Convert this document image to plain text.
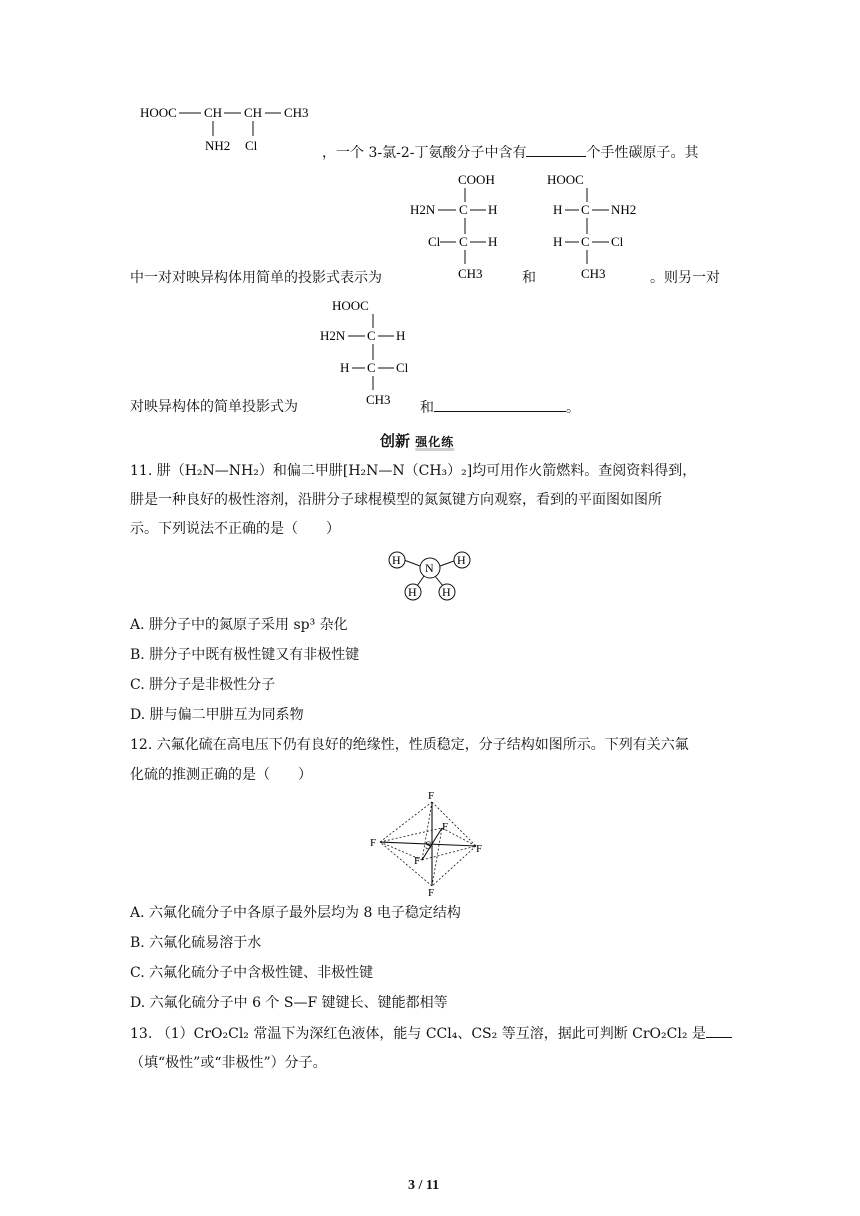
HOOC CH CH CH3
NH2 Cl	，一个 3-氯-2-丁氨酸分子中含有	个手性碳原子。其
COOH
H2N C H
Cl C H
CH3
HOOC
H C NH2
H C Cl
CH3
中一对对映异构体用简单的投影式表示为	和	。则另一对
HOOC
H2N C H
H C Cl
CH3
对映异构体的简单投影式为	和	。
创新 强化练
11. 肼（H₂N—NH₂）和偏二甲肼[H₂N—N（CH₃）₂]均可用作火箭燃料。查阅资料得到，
肼是一种良好的极性溶剂，沿肼分子球棍模型的氮氮键方向观察，看到的平面图如图所
示。下列说法不正确的是（　　）
H
N
H
H H
A. 肼分子中的氮原子采用 sp³ 杂化
B. 肼分子中既有极性键又有非极性键
C. 肼分子是非极性分子
D. 肼与偏二甲肼互为同系物
12. 六氟化硫在高电压下仍有良好的绝缘性，性质稳定，分子结构如图所示。下列有关六氟
化硫的推测正确的是（　　）
F
F
F	S	F
F
F
A. 六氟化硫分子中各原子最外层均为 8 电子稳定结构
B. 六氟化硫易溶于水
C. 六氟化硫分子中含极性键、非极性键
D. 六氟化硫分子中 6 个 S—F 键键长、键能都相等
13. （1）CrO₂Cl₂ 常温下为深红色液体，能与 CCl₄、CS₂ 等互溶，据此可判断 CrO₂Cl₂ 是
（填“极性”或“非极性”）分子。
3 / 11
